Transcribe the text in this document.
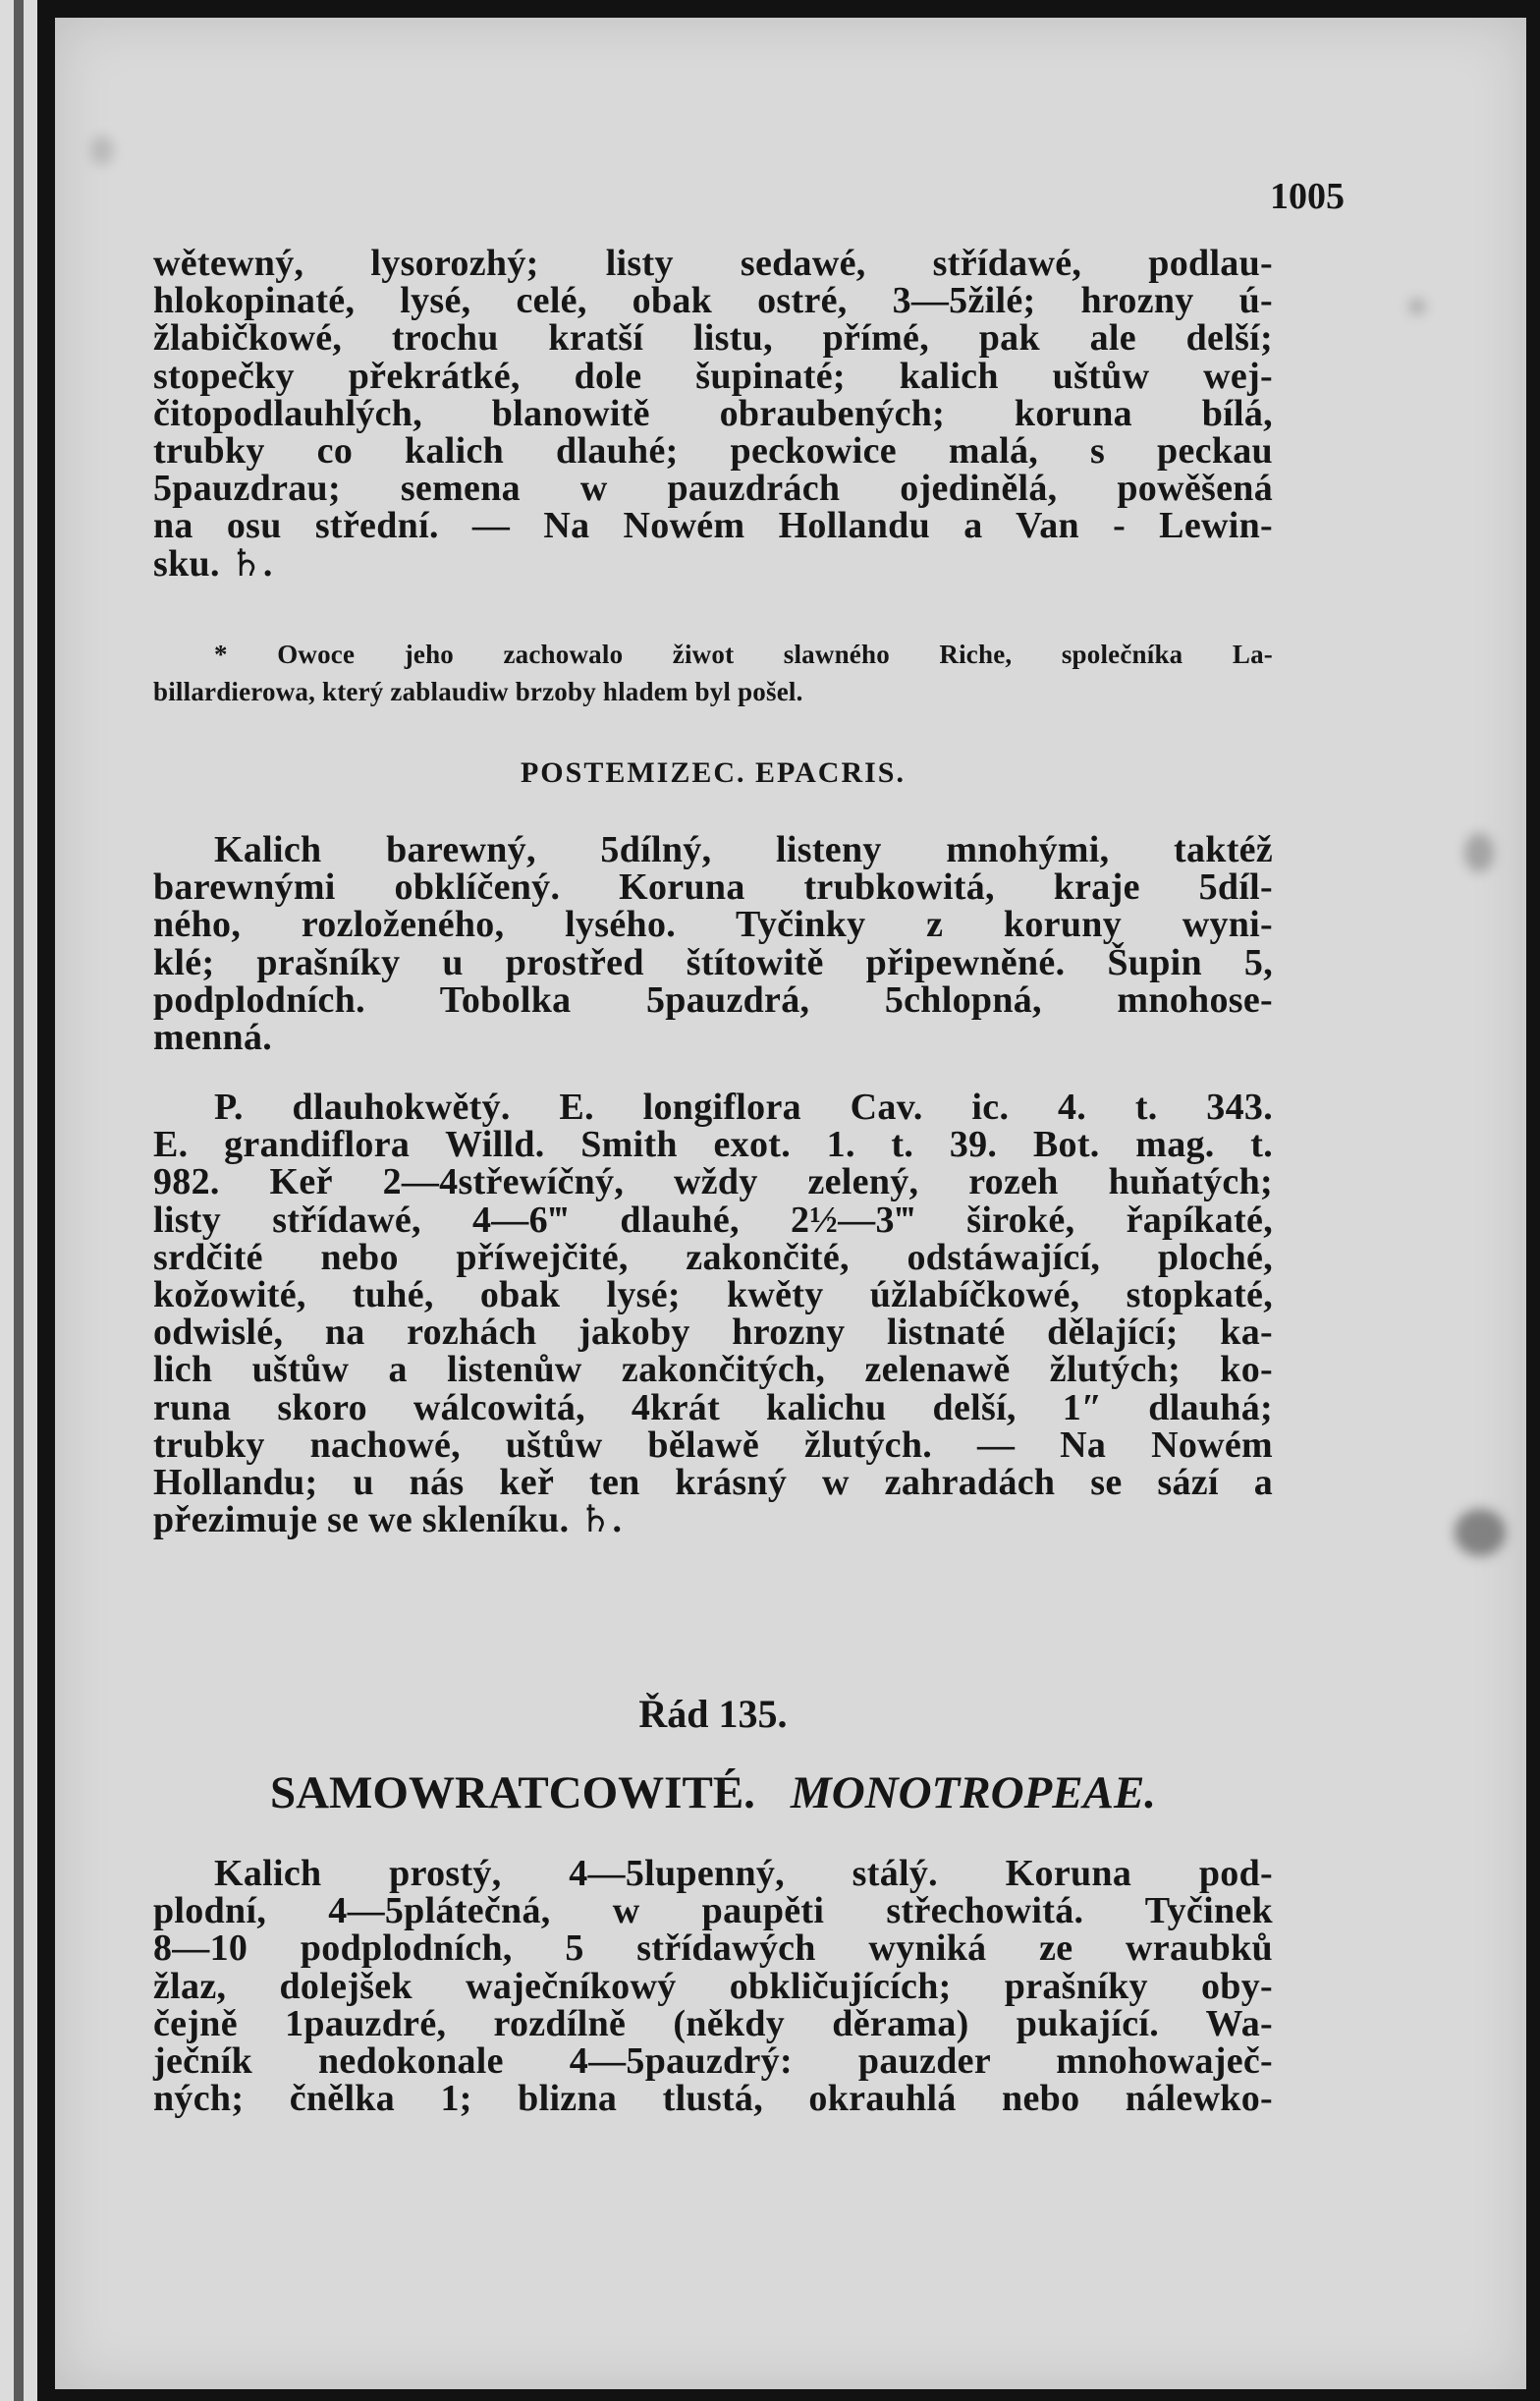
1005
wětewný, lysorozhý; listy sedawé, střídawé, podlau-
hlokopinaté, lysé, celé, obak ostré, 3—5žilé; hrozny ú-
žlabičkowé, trochu kratší listu, přímé, pak ale delší;
stopečky překrátké, dole šupinaté; kalich uštůw wej-
čitopodlauhlých, blanowitě obraubených; koruna bílá,
trubky co kalich dlauhé; peckowice malá, s peckau
5pauzdrau; semena w pauzdrách ojedinělá, powěšená
na osu střední. — Na Nowém Hollandu a Van - Lewin-
sku. ♄.
* Owoce jeho zachowalo žiwot slawného Riche, společníka La-
billardierowa, který zablaudiw brzoby hladem byl pošel.
POSTEMIZEC. EPACRIS.
Kalich barewný, 5dílný, listeny mnohými, taktéž
barewnými obklíčený. Koruna trubkowitá, kraje 5díl-
ného, rozloženého, lysého. Tyčinky z koruny wyni-
klé; prašníky u prostřed štítowitě připewněné. Šupin 5,
podplodních. Tobolka 5pauzdrá, 5chlopná, mnohose-
menná.
P. dlauhokwětý. E. longiflora Cav. ic. 4. t. 343.
E. grandiflora Willd. Smith exot. 1. t. 39. Bot. mag. t.
982. Keř 2—4střewíčný, wždy zelený, rozeh huňatých;
listy střídawé, 4—6‴ dlauhé, 2½—3‴ široké, řapíkaté,
srdčité nebo příwejčité, zakončité, odstáwající, ploché,
kožowité, tuhé, obak lysé; kwěty úžlabíčkowé, stopkaté,
odwislé, na rozhách jakoby hrozny listnaté dělající; ka-
lich uštůw a listenůw zakončitých, zelenawě žlutých; ko-
runa skoro wálcowitá, 4krát kalichu delší, 1″ dlauhá;
trubky nachowé, uštůw bělawě žlutých. — Na Nowém
Hollandu; u nás keř ten krásný w zahradách se sází a
přezimuje se we skleníku. ♄.
Řád 135.
SAMOWRATCOWITÉ. MONOTROPEAE.
Kalich prostý, 4—5lupenný, stálý. Koruna pod-
plodní, 4—5plátečná, w paupěti střechowitá. Tyčinek
8—10 podplodních, 5 střídawých wyniká ze wraubků
žlaz, dolejšek waječníkowý obkličujících; prašníky oby-
čejně 1pauzdré, rozdílně (někdy děrama) pukající. Wa-
ječník nedokonale 4—5pauzdrý: pauzder mnohowaječ-
ných; čnělka 1; blizna tlustá, okrauhlá nebo nálewko-
